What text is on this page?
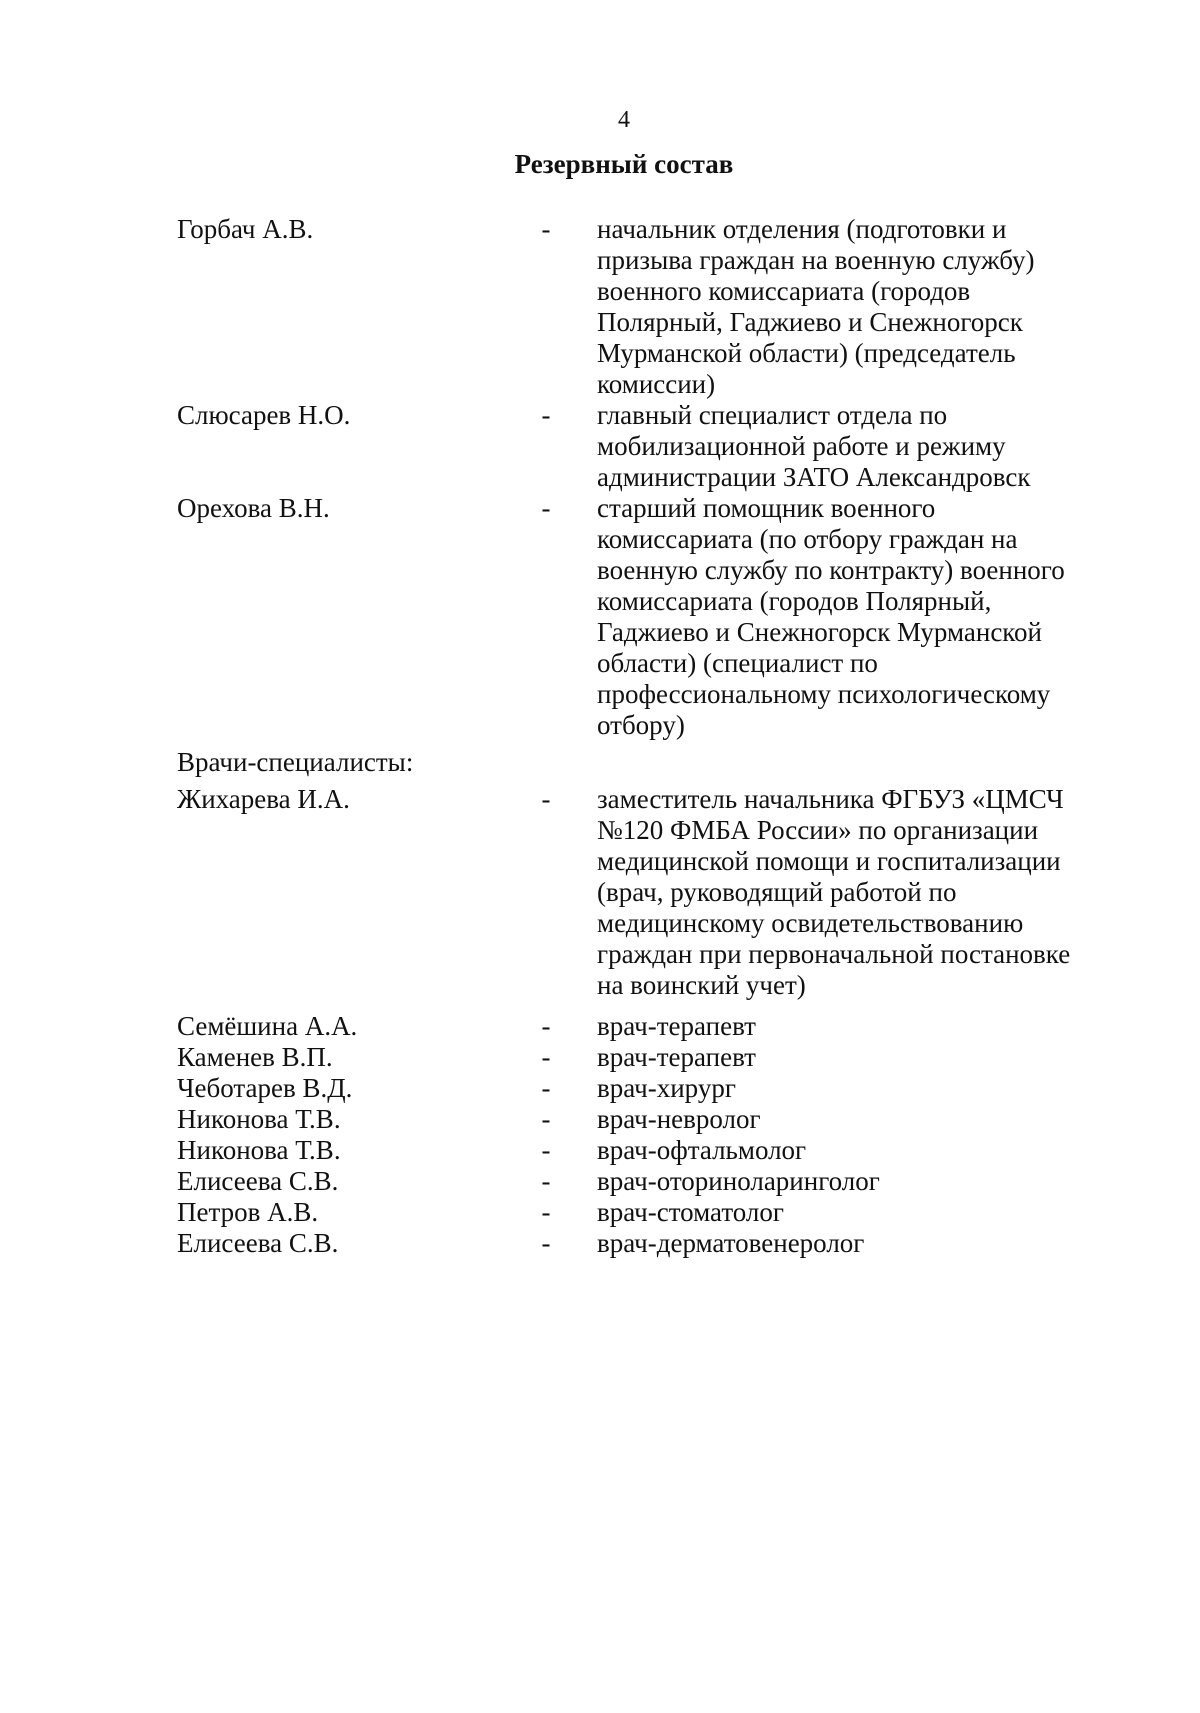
4
Резервный состав
Горбач А.В.	- начальник отделения (подготовки и
призыва граждан на военную службу)
военного комиссариата (городов
Полярный, Гаджиево и Снежногорск
Мурманской области) (председатель
комиссии)
Слюсарев Н.О.	- главный специалист отдела по
мобилизационной работе и режиму
администрации ЗАТО Александровск
Орехова В.Н.	- старший помощник военного
комиссариата (по отбору граждан на
военную службу по контракту) военного
комиссариата (городов Полярный,
Гаджиево и Снежногорск Мурманской
области) (специалист по
профессиональному психологическому
отбору)
Врачи-специалисты:
Жихарева И.А.	- заместитель начальника ФГБУЗ «ЦМСЧ
№120 ФМБА России» по организации
медицинской помощи и госпитализации
(врач, руководящий работой по
медицинскому освидетельствованию
граждан при первоначальной постановке
на воинский учет)
Семёшина А.А.	- врач-терапевт
Каменев В.П.	- врач-терапевт
Чеботарев В.Д.	- врач-хирург
Никонова Т.В.	- врач-невролог
Никонова Т.В.	- врач-офтальмолог
Елисеева С.В.	- врач-оториноларинголог
Петров А.В.	- врач-стоматолог
Елисеева С.В.	- врач-дерматовенеролог
